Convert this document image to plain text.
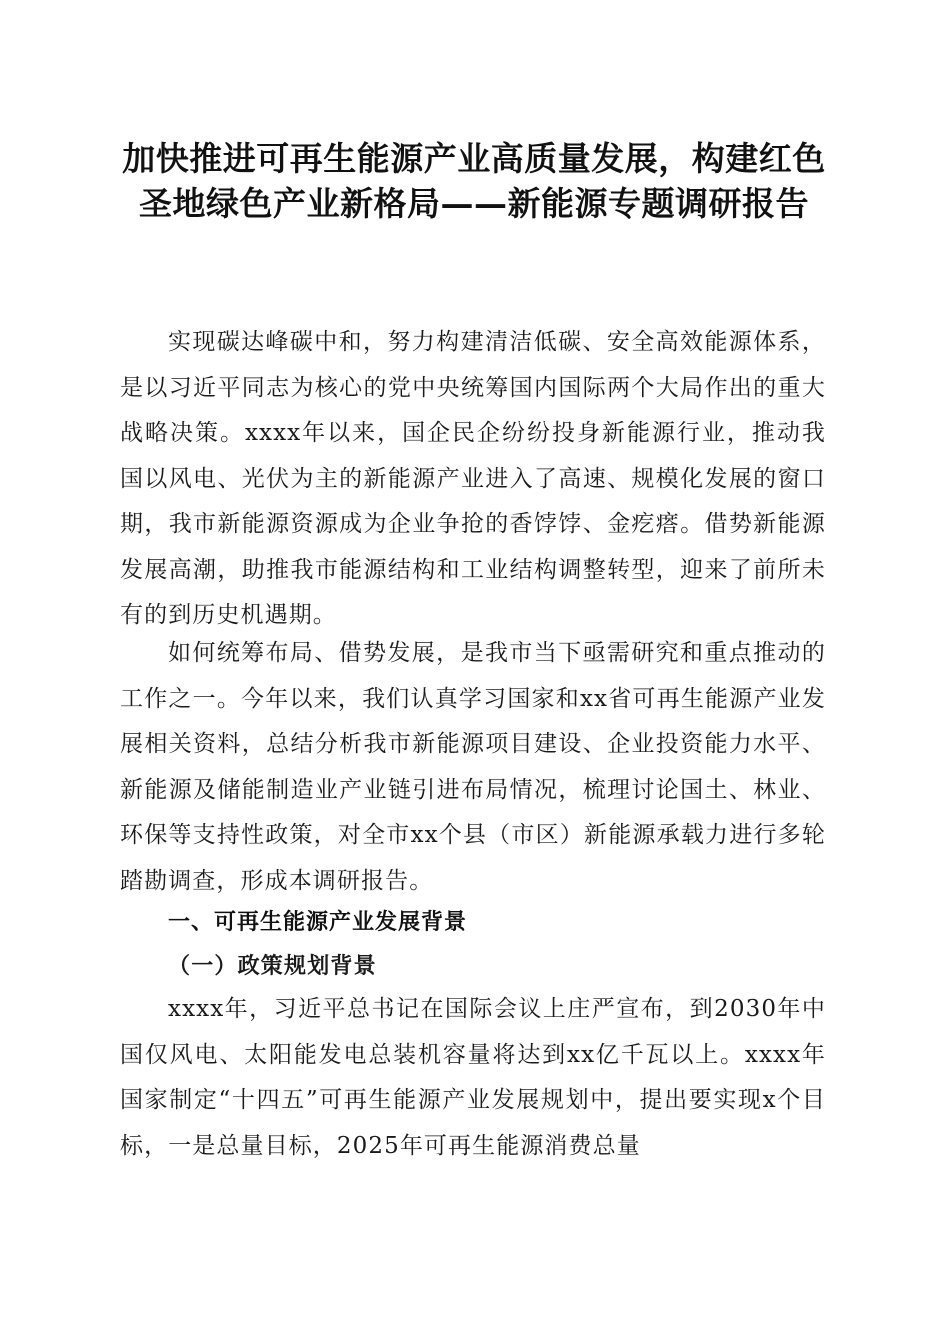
加快推进可再生能源产业高质量发展，构建红色圣地绿色产业新格局——新能源专题调研报告

实现碳达峰碳中和，努力构建清洁低碳、安全高效能源体系，是以习近平同志为核心的党中央统筹国内国际两个大局作出的重大战略决策。xxxx年以来，国企民企纷纷投身新能源行业，推动我国以风电、光伏为主的新能源产业进入了高速、规模化发展的窗口期，我市新能源资源成为企业争抢的香饽饽、金疙瘩。借势新能源发展高潮，助推我市能源结构和工业结构调整转型，迎来了前所未有的到历史机遇期。

如何统筹布局、借势发展，是我市当下亟需研究和重点推动的工作之一。今年以来，我们认真学习国家和xx省可再生能源产业发展相关资料，总结分析我市新能源项目建设、企业投资能力水平、新能源及储能制造业产业链引进布局情况，梳理讨论国土、林业、环保等支持性政策，对全市xx个县（市区）新能源承载力进行多轮踏勘调查，形成本调研报告。

一、可再生能源产业发展背景
（一）政策规划背景

xxxx年，习近平总书记在国际会议上庄严宣布，到2030年中国仅风电、太阳能发电总装机容量将达到xx亿千瓦以上。xxxx年国家制定“十四五”可再生能源产业发展规划中，提出要实现x个目标，一是总量目标，2025年可再生能源消费总量
